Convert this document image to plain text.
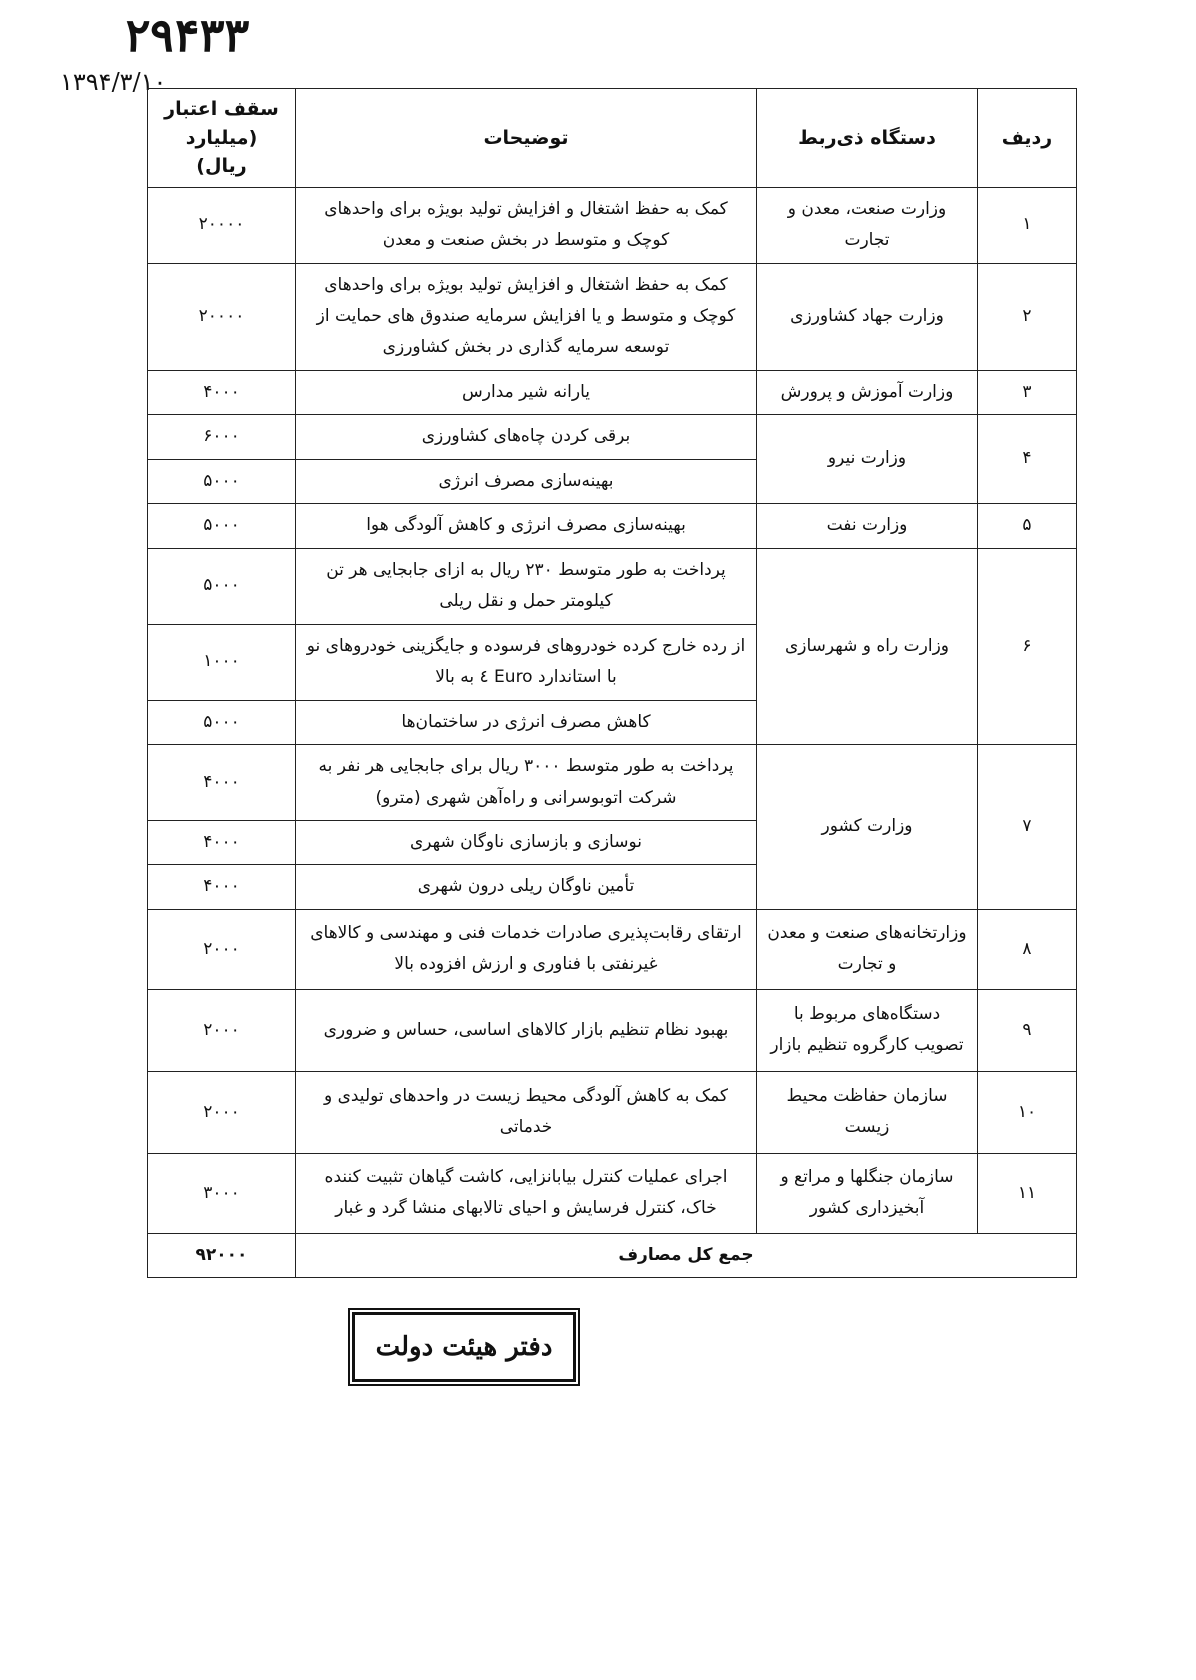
۲۹۴۳۳
۱۳۹۴/۳/۱۰
ردیف	دستگاه ذی‌ربط	توضیحات	سقف اعتبار (میلیارد ریال)
۱	وزارت صنعت، معدن و تجارت	کمک به حفظ اشتغال و افزایش تولید بویژه برای واحدهای کوچک و متوسط در بخش صنعت و معدن	۲۰۰۰۰
۲	وزارت جهاد کشاورزی	کمک به حفظ اشتغال و افزایش تولید بویژه برای واحدهای کوچک و متوسط و یا افزایش سرمایه صندوق های حمایت از توسعه سرمایه گذاری در بخش کشاورزی	۲۰۰۰۰
۳	وزارت آموزش و پرورش	یارانه شیر مدارس	۴۰۰۰
۴	وزارت نیرو	برقی کردن چاه‌های کشاورزی	۶۰۰۰
		بهینه‌سازی مصرف انرژی	۵۰۰۰
۵	وزارت نفت	بهینه‌سازی مصرف انرژی و کاهش آلودگی هوا	۵۰۰۰
۶	وزارت راه و شهرسازی	پرداخت به طور متوسط ۲۳۰ ریال به ازای جابجایی هر تن کیلومتر حمل و نقل ریلی	۵۰۰۰
		از رده خارج کرده خودروهای فرسوده و جایگزینی خودروهای نو با استاندارد Euro ٤ به بالا	۱۰۰۰
		کاهش مصرف انرژی در ساختمان‌ها	۵۰۰۰
۷	وزارت کشور	پرداخت به طور متوسط ۳۰۰۰ ریال برای جابجایی هر نفر به شرکت اتوبوسرانی و راه‌آهن شهری (مترو)	۴۰۰۰
		نوسازی و بازسازی ناوگان شهری	۴۰۰۰
		تأمین ناوگان ریلی درون شهری	۴۰۰۰
۸	وزارتخانه‌های صنعت و معدن و تجارت	ارتقای رقابت‌پذیری صادرات خدمات فنی و مهندسی و کالاهای غیرنفتی با فناوری و ارزش افزوده بالا	۲۰۰۰
۹	دستگاه‌های مربوط با تصویب کارگروه تنظیم بازار	بهبود نظام تنظیم بازار کالاهای اساسی، حساس و ضروری	۲۰۰۰
۱۰	سازمان حفاظت محیط زیست	کمک به کاهش آلودگی محیط زیست در واحدهای تولیدی و خدماتی	۲۰۰۰
۱۱	سازمان جنگلها و مراتع و آبخیزداری کشور	اجرای عملیات کنترل بیابانزایی، کاشت گیاهان تثبیت کننده خاک، کنترل فرسایش و احیای تالابهای منشا گرد و غبار	۳۰۰۰
جمع کل مصارف			۹۲۰۰۰
دفتر هیئت دولت
